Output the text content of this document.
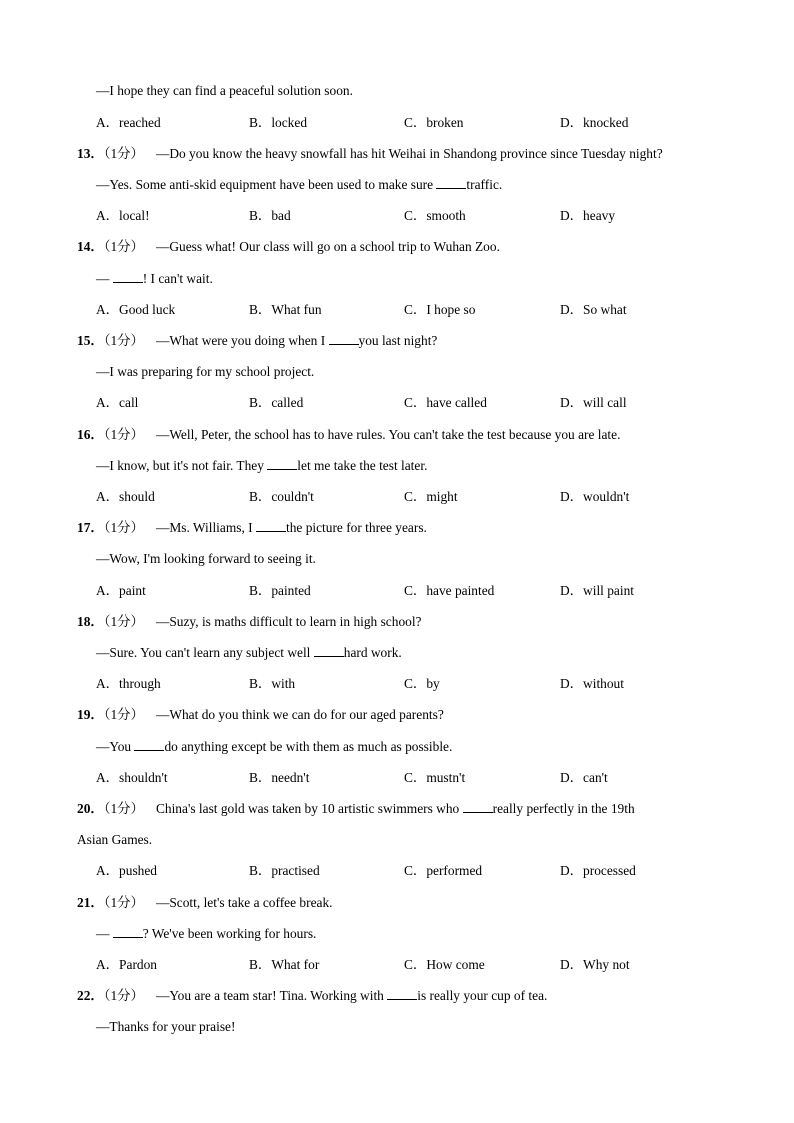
—I hope they can find a peaceful solution soon.
A．reached	B．locked	C．broken	D．knocked
13．（1分） —Do you know the heavy snowfall has hit Weihai in Shandong province since Tuesday night?
—Yes. Some anti-skid equipment have been used to make sure traffic.
A．local!	B．bad	C．smooth	D．heavy
14．（1分） —Guess what! Our class will go on a school trip to Wuhan Zoo.
— ! I can't wait.
A．Good luck	B．What fun	C．I hope so	D．So what
15．（1分） —What were you doing when I you last night?
—I was preparing for my school project.
A．call	B．called	C．have called	D．will call
16．（1分） —Well, Peter, the school has to have rules. You can't take the test because you are late.
—I know, but it's not fair. They let me take the test later.
A．should	B．couldn't	C．might	D．wouldn't
17．（1分） —Ms. Williams, I the picture for three years.
—Wow, I'm looking forward to seeing it.
A．paint	B．painted	C．have painted	D．will paint
18．（1分） —Suzy, is maths difficult to learn in high school?
—Sure. You can't learn any subject well hard work.
A．through	B．with	C．by	D．without
19．（1分） —What do you think we can do for our aged parents?
—You do anything except be with them as much as possible.
A．shouldn't	B．needn't	C．mustn't	D．can't
20．（1分） China's last gold was taken by 10 artistic swimmers who really perfectly in the 19th
Asian Games.
A．pushed	B．practised	C．performed	D．processed
21．（1分） —Scott, let's take a coffee break.
— ? We've been working for hours.
A．Pardon	B．What for	C．How come	D．Why not
22．（1分） —You are a team star! Tina. Working with is really your cup of tea.
—Thanks for your praise!
